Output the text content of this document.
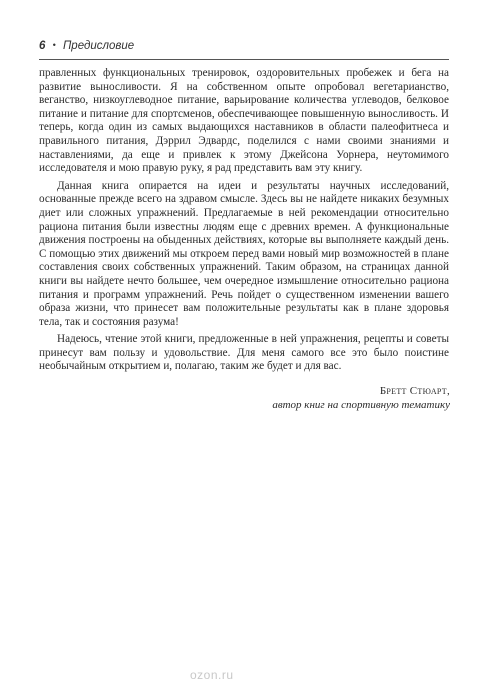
6 • Предисловие

правленных функциональных тренировок, оздоровительных пробежек и бега на развитие выносливости. Я на собственном опыте опробовал вегетарианство, веганство, низкоуглеводное питание, варьирование количества углеводов, белковое питание и питание для спортсменов, обеспечивающее повышенную выносливость. И теперь, когда один из самых выдающихся наставников в области палеофитнеса и правильного питания, Дэррил Эдвардс, поделился с нами своими знаниями и наставлениями, да еще и привлек к этому Джейсона Уорнера, неутомимого исследователя и мою правую руку, я рад представить вам эту книгу.

Данная книга опирается на идеи и результаты научных исследований, основанные прежде всего на здравом смысле. Здесь вы не найдете никаких безумных диет или сложных упражнений. Предлагаемые в ней рекомендации относительно рациона питания были известны людям еще с древних времен. А функциональные движения построены на обыденных действиях, которые вы выполняете каждый день. С помощью этих движений мы откроем перед вами новый мир возможностей в плане составления своих собственных упражнений. Таким образом, на страницах данной книги вы найдете нечто большее, чем очередное измышление относительно рациона питания и программ упражнений. Речь пойдет о существенном изменении вашего образа жизни, что принесет вам положительные результаты как в плане здоровья тела, так и состояния разума!

Надеюсь, чтение этой книги, предложенные в ней упражнения, рецепты и советы принесут вам пользу и удовольствие. Для меня самого все это было поистине необычайным открытием и, полагаю, таким же будет и для вас.

Бретт Стюарт,
автор книг на спортивную тематику
ozon.ru
